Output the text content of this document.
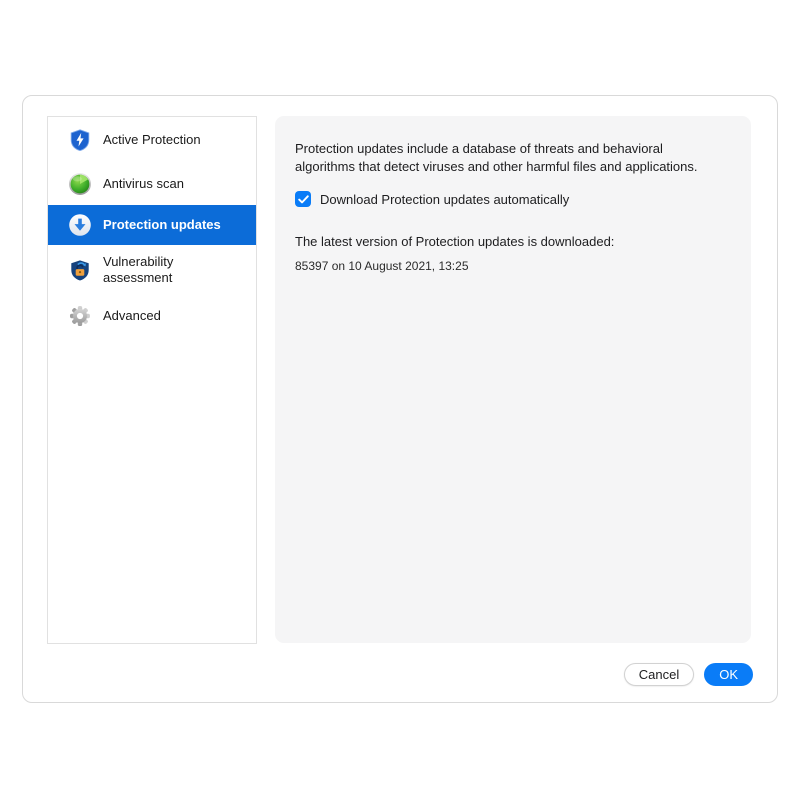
Active Protection
Antivirus scan
Protection updates
Vulnerability assessment
Advanced

Protection updates include a database of threats and behavioral algorithms that detect viruses and other harmful files and applications.

Download Protection updates automatically
The latest version of Protection updates is downloaded:
85397 on 10 August 2021, 13:25
Cancel	OK
